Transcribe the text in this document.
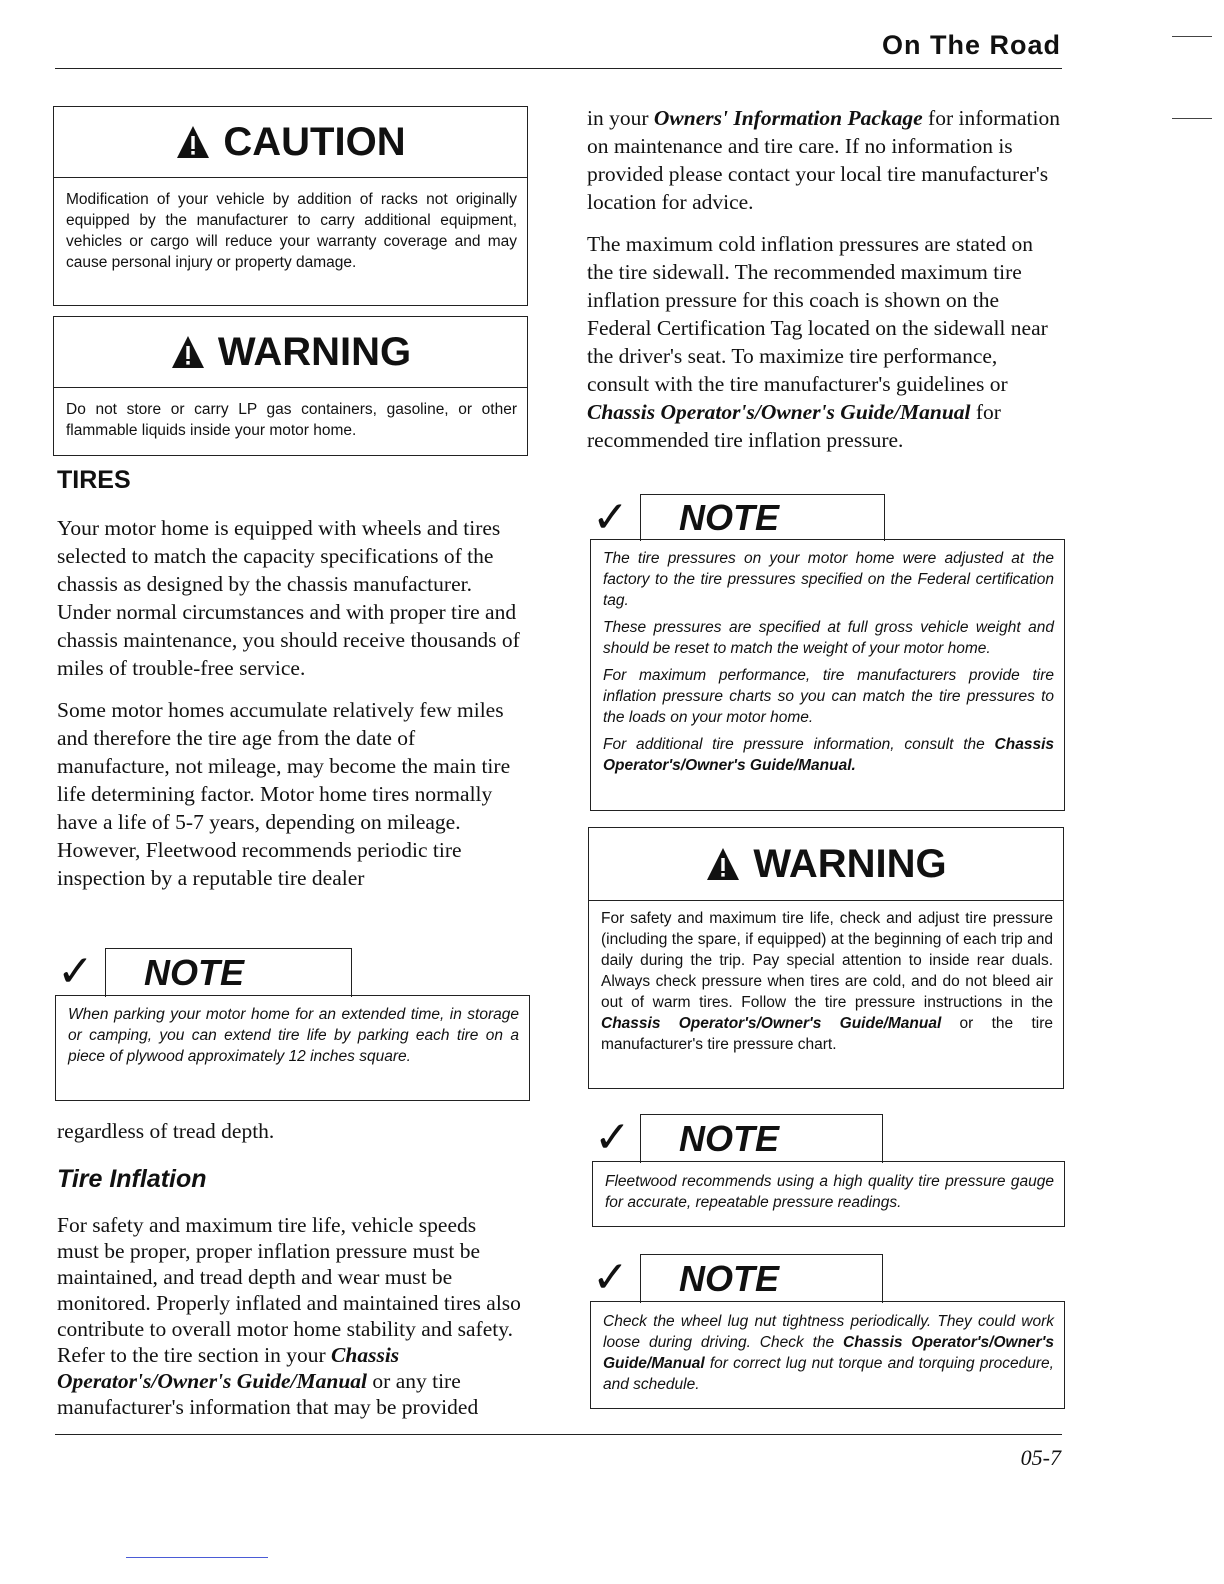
On The Road
CAUTION

Modification of your vehicle by addition of racks not originally equipped by the manufacturer to carry additional equipment, vehicles or cargo will reduce your warranty coverage and may cause personal injury or property damage.

WARNING

Do not store or carry LP gas containers, gasoline, or other flammable liquids inside your motor home.

TIRES

Your motor home is equipped with wheels and tires selected to match the capacity specifications of the chassis as designed by the chassis manufacturer. Under normal circumstances and with proper tire and chassis maintenance, you should receive thousands of miles of trouble-free service.

Some motor homes accumulate relatively few miles and therefore the tire age from the date of manufacture, not mileage, may become the main tire life determining factor. Motor home tires normally have a life of 5-7 years, depending on mileage. However, Fleetwood recommends periodic tire inspection by a reputable tire dealer

✓ NOTE

When parking your motor home for an extended time, in storage or camping, you can extend tire life by parking each tire on a piece of plywood approximately 12 inches square.

regardless of tread depth.

Tire Inflation

For safety and maximum tire life, vehicle speeds must be proper, proper inflation pressure must be maintained, and tread depth and wear must be monitored. Properly inflated and maintained tires also contribute to overall motor home stability and safety. Refer to the tire section in your Chassis Operator's/Owner's Guide/Manual or any tire manufacturer's information that may be provided

in your Owners' Information Package for information on maintenance and tire care. If no information is provided please contact your local tire manufacturer's location for advice.

The maximum cold inflation pressures are stated on the tire sidewall. The recommended maximum tire inflation pressure for this coach is shown on the Federal Certification Tag located on the sidewall near the driver's seat. To maximize tire performance, consult with the tire manufacturer's guidelines or Chassis Operator's/Owner's Guide/Manual for recommended tire inflation pressure.

✓ NOTE

The tire pressures on your motor home were adjusted at the factory to the tire pressures specified on the Federal certification tag.

These pressures are specified at full gross vehicle weight and should be reset to match the weight of your motor home.

For maximum performance, tire manufacturers provide tire inflation pressure charts so you can match the tire pressures to the loads on your motor home.

For additional tire pressure information, consult the Chassis Operator's/Owner's Guide/Manual.

WARNING

For safety and maximum tire life, check and adjust tire pressure (including the spare, if equipped) at the beginning of each trip and daily during the trip. Pay special attention to inside rear duals. Always check pressure when tires are cold, and do not bleed air out of warm tires. Follow the tire pressure instructions in the Chassis Operator's/Owner's Guide/Manual or the tire manufacturer's tire pressure chart.

✓ NOTE

Fleetwood recommends using a high quality tire pressure gauge for accurate, repeatable pressure readings.

✓ NOTE

Check the wheel lug nut tightness periodically. They could work loose during driving. Check the Chassis Operator's/Owner's Guide/Manual for correct lug nut torque and torquing procedure, and schedule.

05-7
